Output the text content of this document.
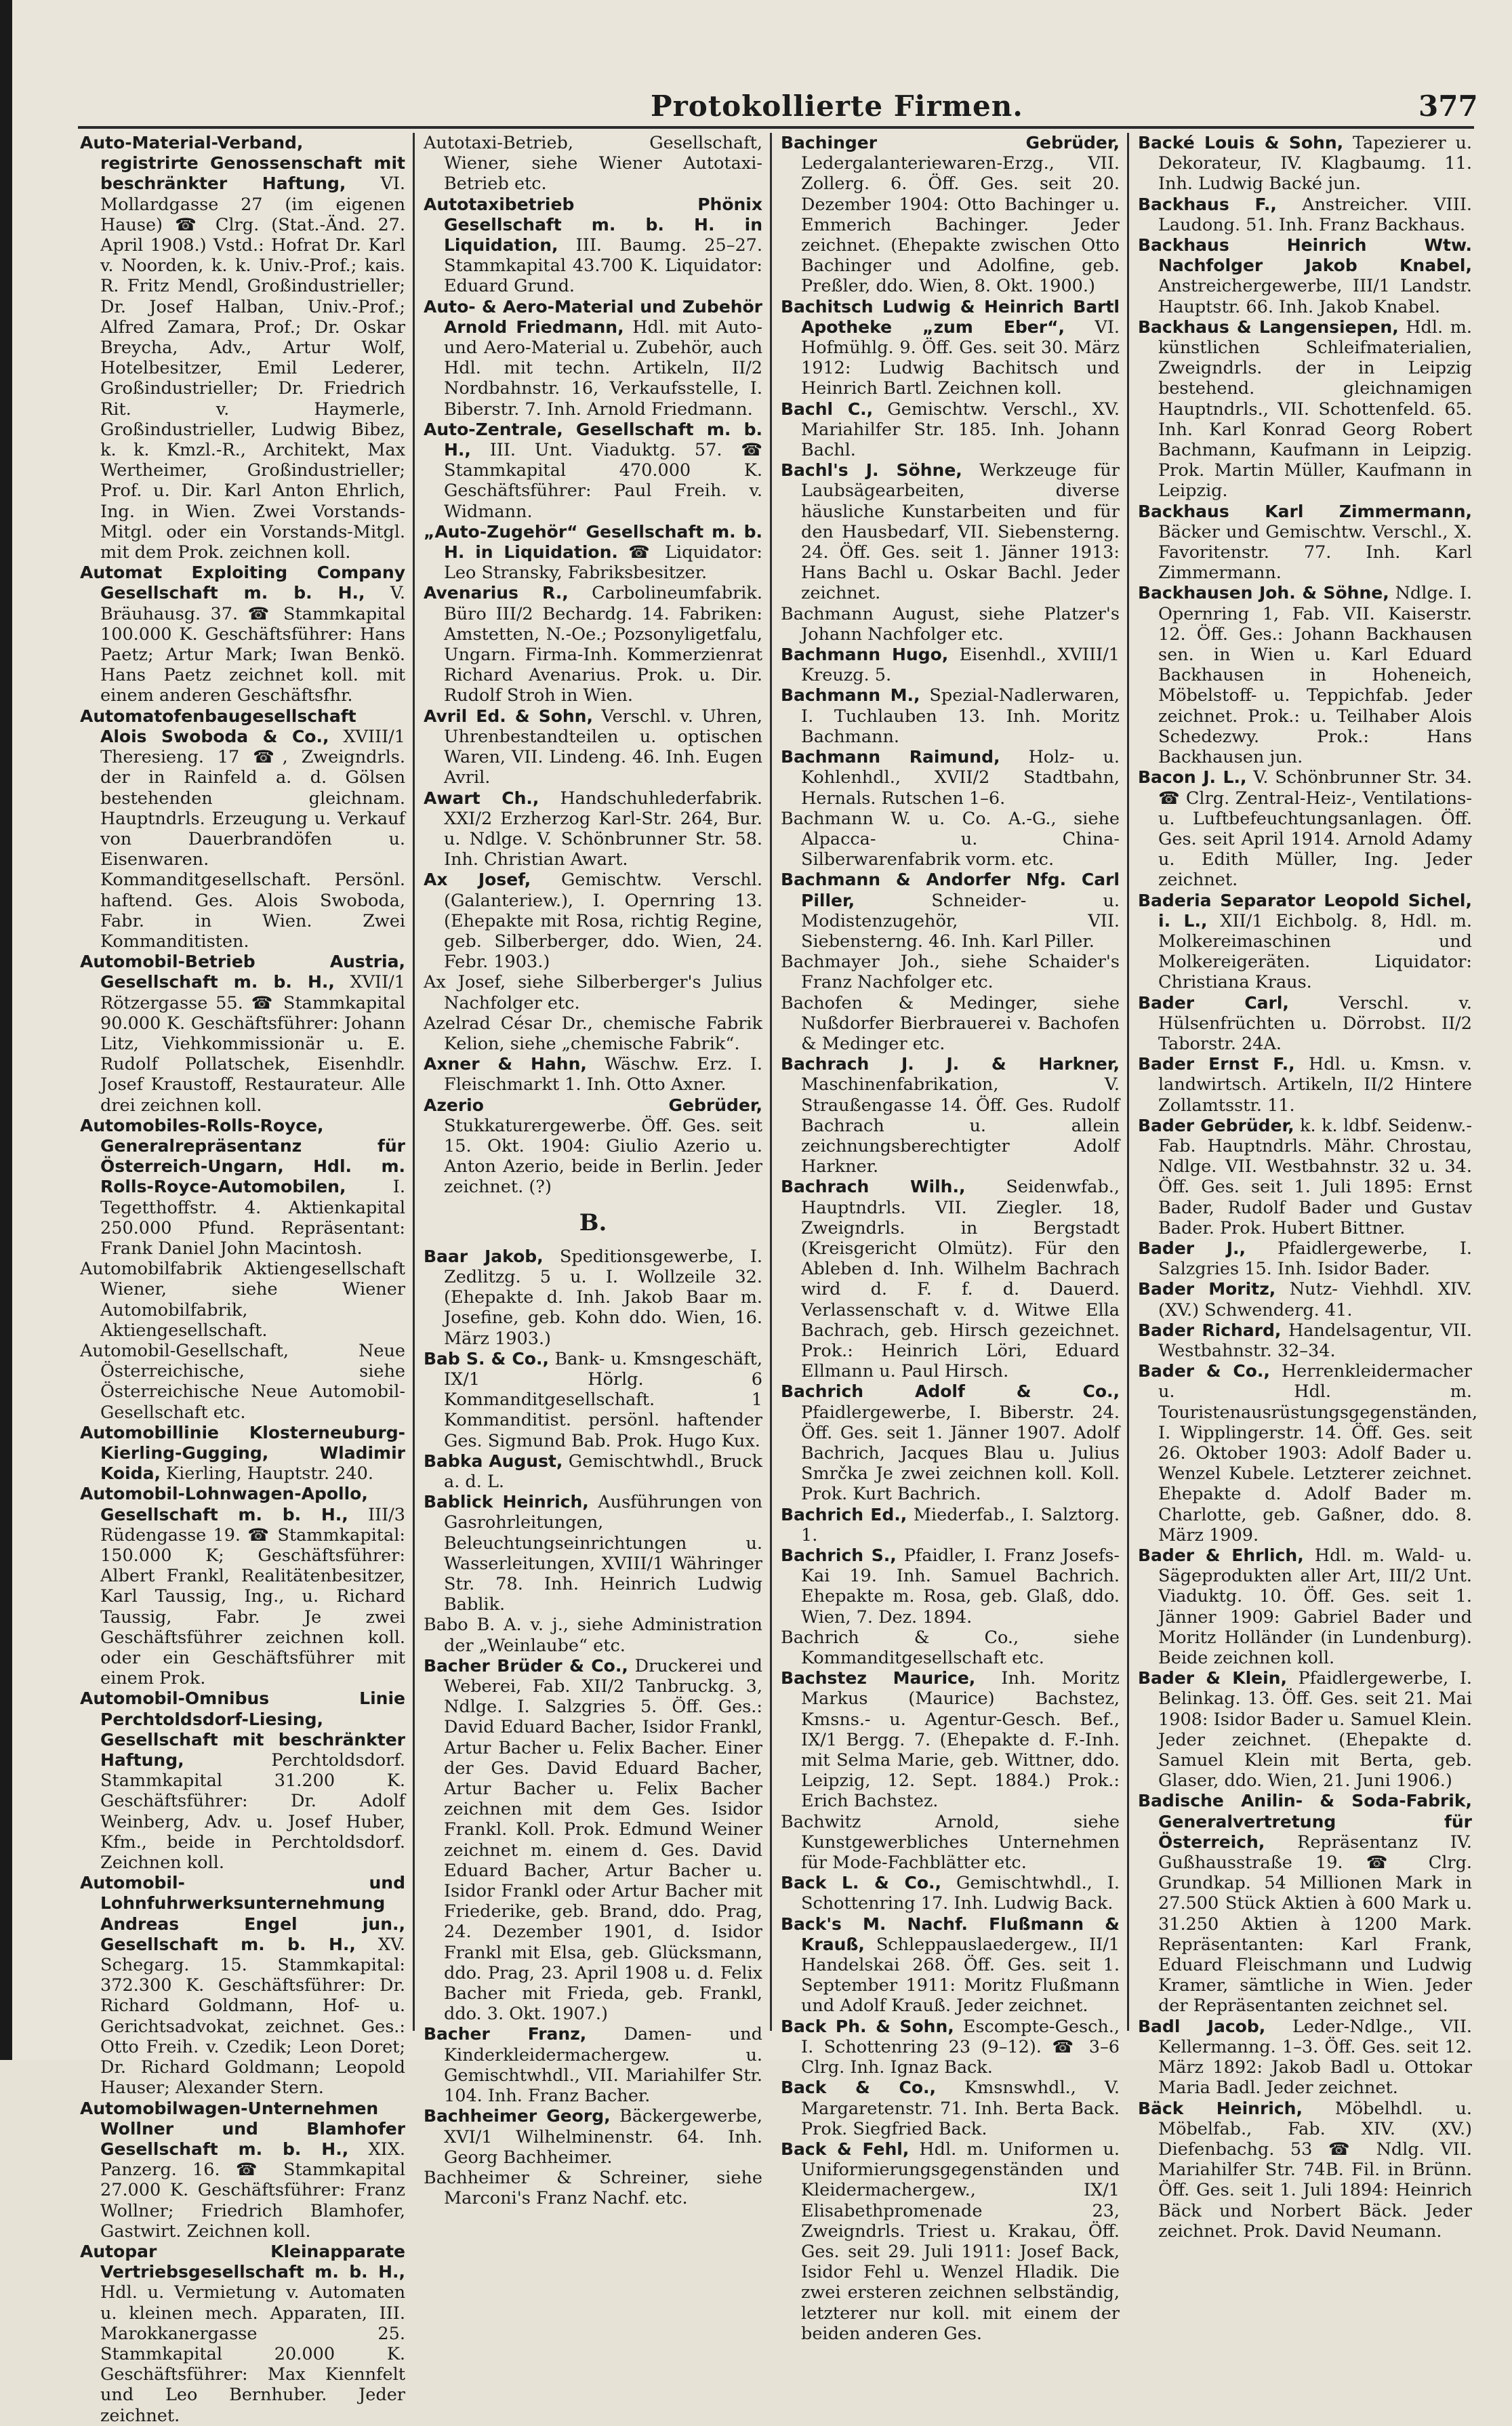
Protokollierte Firmen.	377

Auto-Material-Verband, registrirte Genossenschaft mit beschränkter Haftung, VI. Mollardgasse 27 (im eigenen Hause) ☎ Clrg. (Stat.-Änd. 27. April 1908.) Vstd.: Hofrat Dr. Karl v. Noorden, k. k. Univ.-Prof.; kais. R. Fritz Mendl, Großindustrieller; Dr. Josef Halban, Univ.-Prof.; Alfred Zamara, Prof.; Dr. Oskar Breycha, Adv., Artur Wolf, Hotelbesitzer, Emil Lederer, Großindustrieller; Dr. Friedrich Rit. v. Haymerle, Großindustrieller, Ludwig Bibez, k. k. Kmzl.-R., Architekt, Max Wertheimer, Großindustrieller; Prof. u. Dir. Karl Anton Ehrlich, Ing. in Wien. Zwei Vorstands-Mitgl. oder ein Vorstands-Mitgl. mit dem Prok. zeichnen koll.

Automat Exploiting Company Gesellschaft m. b. H., V. Bräuhausg. 37. ☎ Stammkapital 100.000 K. Geschäftsführer: Hans Paetz; Artur Mark; Iwan Benkö. Hans Paetz zeichnet koll. mit einem anderen Geschäftsfhr.

Automatofenbaugesellschaft Alois Swoboda & Co., XVIII/1 Theresieng. 17 ☎, Zweigndrls. der in Rainfeld a. d. Gölsen bestehenden gleichnam. Hauptndrls. Erzeugung u. Verkauf von Dauerbrandöfen u. Eisenwaren. Kommanditgesellschaft. Persönl. haftend. Ges. Alois Swoboda, Fabr. in Wien. Zwei Kommanditisten.

Automobil-Betrieb Austria, Gesellschaft m. b. H., XVII/1 Rötzergasse 55. ☎ Stammkapital 90.000 K. Geschäftsführer: Johann Litz, Viehkommissionär u. E. Rudolf Pollatschek, Eisenhdlr. Josef Kraustoff, Restaurateur. Alle drei zeichnen koll.

Automobiles-Rolls-Royce, Generalrepräsentanz für Österreich-Ungarn, Hdl. m. Rolls-Royce-Automobilen, I. Tegetthoffstr. 4. Aktienkapital 250.000 Pfund. Repräsentant: Frank Daniel John Macintosh.

Automobilfabrik Aktiengesellschaft Wiener, siehe Wiener Automobilfabrik, Aktiengesellschaft.

Automobil-Gesellschaft, Neue Österreichische, siehe Österreichische Neue Automobil-Gesellschaft etc.

Automobillinie Klosterneuburg-Kierling-Gugging, Wladimir Koida, Kierling, Hauptstr. 240.

Automobil-Lohnwagen-Apollo, Gesellschaft m. b. H., III/3 Rüdengasse 19. ☎ Stammkapital: 150.000 K; Geschäftsführer: Albert Frankl, Realitätenbesitzer, Karl Taussig, Ing., u. Richard Taussig, Fabr. Je zwei Geschäftsführer zeichnen koll. oder ein Geschäftsführer mit einem Prok.

Automobil-Omnibus Linie Perchtoldsdorf-Liesing, Gesellschaft mit beschränkter Haftung, Perchtoldsdorf. Stammkapital 31.200 K. Geschäftsführer: Dr. Adolf Weinberg, Adv. u. Josef Huber, Kfm., beide in Perchtoldsdorf. Zeichnen koll.

Automobil- und Lohnfuhrwerksunternehmung Andreas Engel jun., Gesellschaft m. b. H., XV. Schegarg. 15. Stammkapital: 372.300 K. Geschäftsführer: Dr. Richard Goldmann, Hof- u. Gerichtsadvokat, zeichnet. Ges.: Otto Freih. v. Czedik; Leon Doret; Dr. Richard Goldmann; Leopold Hauser; Alexander Stern.

Automobilwagen-Unternehmen Wollner und Blamhofer Gesellschaft m. b. H., XIX. Panzerg. 16. ☎ Stammkapital 27.000 K. Geschäftsführer: Franz Wollner; Friedrich Blamhofer, Gastwirt. Zeichnen koll.

Autopar Kleinapparate Vertriebsgesellschaft m. b. H., Hdl. u. Vermietung v. Automaten u. kleinen mech. Apparaten, III. Marokkanergasse 25. Stammkapital 20.000 K. Geschäftsführer: Max Kiennfelt und Leo Bernhuber. Jeder zeichnet.

Autotaxi-Betrieb, Gesellschaft, Wiener, siehe Wiener Autotaxi-Betrieb etc.

Autotaxibetrieb Phönix Gesellschaft m. b. H. in Liquidation, III. Baumg. 25–27. Stammkapital 43.700 K. Liquidator: Eduard Grund.

Auto- & Aero-Material und Zubehör Arnold Friedmann, Hdl. mit Auto- und Aero-Material u. Zubehör, auch Hdl. mit techn. Artikeln, II/2 Nordbahnstr. 16, Verkaufsstelle, I. Biberstr. 7. Inh. Arnold Friedmann.

Auto-Zentrale, Gesellschaft m. b. H., III. Unt. Viaduktg. 57. ☎ Stammkapital 470.000 K. Geschäftsführer: Paul Freih. v. Widmann.

„Auto-Zugehör“ Gesellschaft m. b. H. in Liquidation. ☎ Liquidator: Leo Stransky, Fabriksbesitzer.

Avenarius R., Carbolineumfabrik. Büro III/2 Bechardg. 14. Fabriken: Amstetten, N.-Oe.; Pozsonyligetfalu, Ungarn. Firma-Inh. Kommerzienrat Richard Avenarius. Prok. u. Dir. Rudolf Stroh in Wien.

Avril Ed. & Sohn, Verschl. v. Uhren, Uhrenbestandteilen u. optischen Waren, VII. Lindeng. 46. Inh. Eugen Avril.

Awart Ch., Handschuhlederfabrik. XXI/2 Erzherzog Karl-Str. 264, Bur. u. Ndlge. V. Schönbrunner Str. 58. Inh. Christian Awart.

Ax Josef, Gemischtw. Verschl. (Galanteriew.), I. Opernring 13. (Ehepakte mit Rosa, richtig Regine, geb. Silberberger, ddo. Wien, 24. Febr. 1903.)

Ax Josef, siehe Silberberger's Julius Nachfolger etc.

Azelrad César Dr., chemische Fabrik Kelion, siehe „chemische Fabrik“.

Axner & Hahn, Wäschw. Erz. I. Fleischmarkt 1. Inh. Otto Axner.

Azerio Gebrüder, Stukkaturergewerbe. Öff. Ges. seit 15. Okt. 1904: Giulio Azerio u. Anton Azerio, beide in Berlin. Jeder zeichnet. (?)

B.

Baar Jakob, Speditionsgewerbe, I. Zedlitzg. 5 u. I. Wollzeile 32. (Ehepakte d. Inh. Jakob Baar m. Josefine, geb. Kohn ddo. Wien, 16. März 1903.)

Bab S. & Co., Bank- u. Kmsngeschäft, IX/1 Hörlg. 6 Kommanditgesellschaft. 1 Kommanditist. persönl. haftender Ges. Sigmund Bab. Prok. Hugo Kux.

Babka August, Gemischtwhdl., Bruck a. d. L.

Bablick Heinrich, Ausführungen von Gasrohrleitungen, Beleuchtungseinrichtungen u. Wasserleitungen, XVIII/1 Währinger Str. 78. Inh. Heinrich Ludwig Bablik.

Babo B. A. v. j., siehe Administration der „Weinlaube“ etc.

Bacher Brüder & Co., Druckerei und Weberei, Fab. XII/2 Tanbruckg. 3, Ndlge. I. Salzgries 5. Öff. Ges.: David Eduard Bacher, Isidor Frankl, Artur Bacher u. Felix Bacher. Einer der Ges. David Eduard Bacher, Artur Bacher u. Felix Bacher zeichnen mit dem Ges. Isidor Frankl. Koll. Prok. Edmund Weiner zeichnet m. einem d. Ges. David Eduard Bacher, Artur Bacher u. Isidor Frankl oder Artur Bacher mit Friederike, geb. Brand, ddo. Prag, 24. Dezember 1901, d. Isidor Frankl mit Elsa, geb. Glücksmann, ddo. Prag, 23. April 1908 u. d. Felix Bacher mit Frieda, geb. Frankl, ddo. 3. Okt. 1907.)

Bacher Franz, Damen- und Kinderkleidermachergew. u. Gemischtwhdl., VII. Mariahilfer Str. 104. Inh. Franz Bacher.

Bachheimer Georg, Bäckergewerbe, XVI/1 Wilhelminenstr. 64. Inh. Georg Bachheimer.

Bachheimer & Schreiner, siehe Marconi's Franz Nachf. etc.

Bachinger Gebrüder, Ledergalanteriewaren-Erzg., VII. Zollerg. 6. Öff. Ges. seit 20. Dezember 1904: Otto Bachinger u. Emmerich Bachinger. Jeder zeichnet. (Ehepakte zwischen Otto Bachinger und Adolfine, geb. Preßler, ddo. Wien, 8. Okt. 1900.)

Bachitsch Ludwig & Heinrich Bartl Apotheke „zum Eber“, VI. Hofmühlg. 9. Öff. Ges. seit 30. März 1912: Ludwig Bachitsch und Heinrich Bartl. Zeichnen koll.

Bachl C., Gemischtw. Verschl., XV. Mariahilfer Str. 185. Inh. Johann Bachl.

Bachl's J. Söhne, Werkzeuge für Laubsägearbeiten, diverse häusliche Kunstarbeiten und für den Hausbedarf, VII. Siebensterng. 24. Öff. Ges. seit 1. Jänner 1913: Hans Bachl u. Oskar Bachl. Jeder zeichnet.

Bachmann August, siehe Platzer's Johann Nachfolger etc.

Bachmann Hugo, Eisenhdl., XVIII/1 Kreuzg. 5.

Bachmann M., Spezial-Nadlerwaren, I. Tuchlauben 13. Inh. Moritz Bachmann.

Bachmann Raimund, Holz- u. Kohlenhdl., XVII/2 Stadtbahn, Hernals. Rutschen 1–6.

Bachmann W. u. Co. A.-G., siehe Alpacca- u. China-Silberwarenfabrik vorm. etc.

Bachmann & Andorfer Nfg. Carl Piller, Schneider- u. Modistenzugehör, VII. Siebensterng. 46. Inh. Karl Piller.

Bachmayer Joh., siehe Schaider's Franz Nachfolger etc.

Bachofen & Medinger, siehe Nußdorfer Bierbrauerei v. Bachofen & Medinger etc.

Bachrach J. J. & Harkner, Maschinenfabrikation, V. Straußengasse 14. Öff. Ges. Rudolf Bachrach u. allein zeichnungsberechtigter Adolf Harkner.

Bachrach Wilh., Seidenwfab., Hauptndrls. VII. Ziegler. 18, Zweigndrls. in Bergstadt (Kreisgericht Olmütz). Für den Ableben d. Inh. Wilhelm Bachrach wird d. F. f. d. Dauerd. Verlassenschaft v. d. Witwe Ella Bachrach, geb. Hirsch gezeichnet. Prok.: Heinrich Löri, Eduard Ellmann u. Paul Hirsch.

Bachrich Adolf & Co., Pfaidlergewerbe, I. Biberstr. 24. Öff. Ges. seit 1. Jänner 1907. Adolf Bachrich, Jacques Blau u. Julius Smrčka Je zwei zeichnen koll. Koll. Prok. Kurt Bachrich.

Bachrich Ed., Miederfab., I. Salztorg. 1.

Bachrich S., Pfaidler, I. Franz Josefs-Kai 19. Inh. Samuel Bachrich. Ehepakte m. Rosa, geb. Glaß, ddo. Wien, 7. Dez. 1894.

Bachrich & Co., siehe Kommanditgesellschaft etc.

Bachstez Maurice, Inh. Moritz Markus (Maurice) Bachstez, Kmsns.- u. Agentur-Gesch. Bef., IX/1 Bergg. 7. (Ehepakte d. F.-Inh. mit Selma Marie, geb. Wittner, ddo. Leipzig, 12. Sept. 1884.) Prok.: Erich Bachstez.

Bachwitz Arnold, siehe Kunstgewerbliches Unternehmen für Mode-Fachblätter etc.

Back L. & Co., Gemischtwhdl., I. Schottenring 17. Inh. Ludwig Back.

Back's M. Nachf. Flußmann & Krauß, Schleppauslaedergew., II/1 Handelskai 268. Öff. Ges. seit 1. September 1911: Moritz Flußmann und Adolf Krauß. Jeder zeichnet.

Back Ph. & Sohn, Escompte-Gesch., I. Schottenring 23 (9–12). ☎ 3–6 Clrg. Inh. Ignaz Back.

Back & Co., Kmsnswhdl., V. Margaretenstr. 71. Inh. Berta Back. Prok. Siegfried Back.

Back & Fehl, Hdl. m. Uniformen u. Uniformierungsgegenständen und Kleidermachergew., IX/1 Elisabethpromenade 23, Zweigndrls. Triest u. Krakau, Öff. Ges. seit 29. Juli 1911: Josef Back, Isidor Fehl u. Wenzel Hladik. Die zwei ersteren zeichnen selbständig, letzterer nur koll. mit einem der beiden anderen Ges.

Backé Louis & Sohn, Tapezierer u. Dekorateur, IV. Klagbaumg. 11. Inh. Ludwig Backé jun.

Backhaus F., Anstreicher. VIII. Laudong. 51. Inh. Franz Backhaus.

Backhaus Heinrich Wtw. Nachfolger Jakob Knabel, Anstreichergewerbe, III/1 Landstr. Hauptstr. 66. Inh. Jakob Knabel.

Backhaus & Langensiepen, Hdl. m. künstlichen Schleifmaterialien, Zweigndrls. der in Leipzig bestehend. gleichnamigen Hauptndrls., VII. Schottenfeld. 65. Inh. Karl Konrad Georg Robert Bachmann, Kaufmann in Leipzig. Prok. Martin Müller, Kaufmann in Leipzig.

Backhaus Karl Zimmermann, Bäcker und Gemischtw. Verschl., X. Favoritenstr. 77. Inh. Karl Zimmermann.

Backhausen Joh. & Söhne, Ndlge. I. Opernring 1, Fab. VII. Kaiserstr. 12. Öff. Ges.: Johann Backhausen sen. in Wien u. Karl Eduard Backhausen in Hoheneich, Möbelstoff- u. Teppichfab. Jeder zeichnet. Prok.: u. Teilhaber Alois Schedezwy. Prok.: Hans Backhausen jun.

Bacon J. L., V. Schönbrunner Str. 34. ☎ Clrg. Zentral-Heiz-, Ventilations- u. Luftbefeuchtungsanlagen. Öff. Ges. seit April 1914. Arnold Adamy u. Edith Müller, Ing. Jeder zeichnet.

Baderia Separator Leopold Sichel, i. L., XII/1 Eichbolg. 8, Hdl. m. Molkereimaschinen und Molkereigeräten. Liquidator: Christiana Kraus.

Bader Carl, Verschl. v. Hülsenfrüchten u. Dörrobst. II/2 Taborstr. 24A.

Bader Ernst F., Hdl. u. Kmsn. v. landwirtsch. Artikeln, II/2 Hintere Zollamtsstr. 11.

Bader Gebrüder, k. k. ldbf. Seidenw.-Fab. Hauptndrls. Mähr. Chrostau, Ndlge. VII. Westbahnstr. 32 u. 34. Öff. Ges. seit 1. Juli 1895: Ernst Bader, Rudolf Bader und Gustav Bader. Prok. Hubert Bittner.

Bader J., Pfaidlergewerbe, I. Salzgries 15. Inh. Isidor Bader.

Bader Moritz, Nutz- Viehhdl. XIV. (XV.) Schwenderg. 41.

Bader Richard, Handelsagentur, VII. Westbahnstr. 32–34.

Bader & Co., Herrenkleidermacher u. Hdl. m. Touristenausrüstungsgegenständen, I. Wipplingerstr. 14. Öff. Ges. seit 26. Oktober 1903: Adolf Bader u. Wenzel Kubele. Letzterer zeichnet. Ehepakte d. Adolf Bader m. Charlotte, geb. Gaßner, ddo. 8. März 1909.

Bader & Ehrlich, Hdl. m. Wald- u. Sägeprodukten aller Art, III/2 Unt. Viaduktg. 10. Öff. Ges. seit 1. Jänner 1909: Gabriel Bader und Moritz Holländer (in Lundenburg). Beide zeichnen koll.

Bader & Klein, Pfaidlergewerbe, I. Belinkag. 13. Öff. Ges. seit 21. Mai 1908: Isidor Bader u. Samuel Klein. Jeder zeichnet. (Ehepakte d. Samuel Klein mit Berta, geb. Glaser, ddo. Wien, 21. Juni 1906.)

Badische Anilin- & Soda-Fabrik, Generalvertretung für Österreich, Repräsentanz IV. Gußhausstraße 19. ☎ Clrg. Grundkap. 54 Millionen Mark in 27.500 Stück Aktien à 600 Mark u. 31.250 Aktien à 1200 Mark. Repräsentanten: Karl Frank, Eduard Fleischmann und Ludwig Kramer, sämtliche in Wien. Jeder der Repräsentanten zeichnet sel.

Badl Jacob, Leder-Ndlge., VII. Kellermanng. 1–3. Öff. Ges. seit 12. März 1892: Jakob Badl u. Ottokar Maria Badl. Jeder zeichnet.

Bäck Heinrich, Möbelhdl. u. Möbelfab., Fab. XIV. (XV.) Diefenbachg. 53 ☎ Ndlg. VII. Mariahilfer Str. 74B. Fil. in Brünn. Öff. Ges. seit 1. Juli 1894: Heinrich Bäck und Norbert Bäck. Jeder zeichnet. Prok. David Neumann.
